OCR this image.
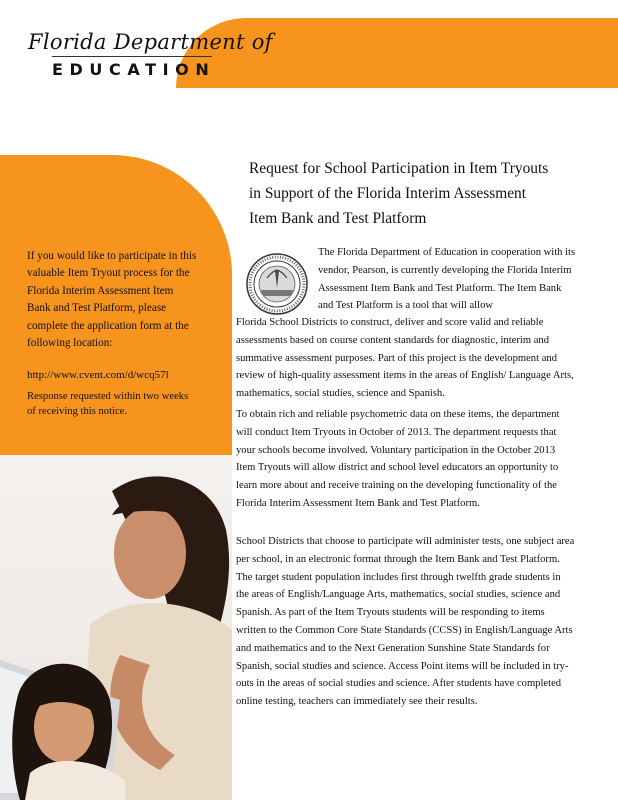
Florida Department of
EDUCATION
Request for School Participation in Item Tryouts
in Support of the Florida Interim Assessment
Item Bank and Test Platform
If you would like to participate in this valuable Item Tryout process for the Florida Interim Assessment Item Bank and Test Platform, please complete the application form at the following location:
http://www.cvent.com/d/wcq57l
Response requested within two weeks of receiving this notice.
The Florida Department of Education in cooperation with its vendor, Pearson, is currently developing the Florida Interim Assessment Item Bank and Test Platform. The Item Bank and Test Platform is a tool that will allow
Florida School Districts to construct, deliver and score valid and reliable assessments based on course content standards for diagnostic, interim and summative assessment purposes. Part of this project is the development and review of high-quality assessment items in the areas of English/ Language Arts, mathematics, social studies, science and Spanish.
To obtain rich and reliable psychometric data on these items, the department will conduct Item Tryouts in October of 2013. The department requests that your schools become involved. Voluntary participation in the October 2013 Item Tryouts will allow district and school level educators an opportunity to learn more about and receive training on the developing functionality of the Florida Interim Assessment Item Bank and Test Platform.
School Districts that choose to participate will administer tests, one subject area per school, in an electronic format through the Item Bank and Test Platform. The target student population includes first through twelfth grade students in the areas of English/Language Arts, mathematics, social studies, science and Spanish. As part of the Item Tryouts students will be responding to items written to the Common Core State Standards (CCSS) in English/Language Arts and mathematics and to the Next Generation Sunshine State Standards for Spanish, social studies and science. Access Point items will be included in try-outs in the areas of social studies and science. After students have completed online testing, teachers can immediately see their results.
